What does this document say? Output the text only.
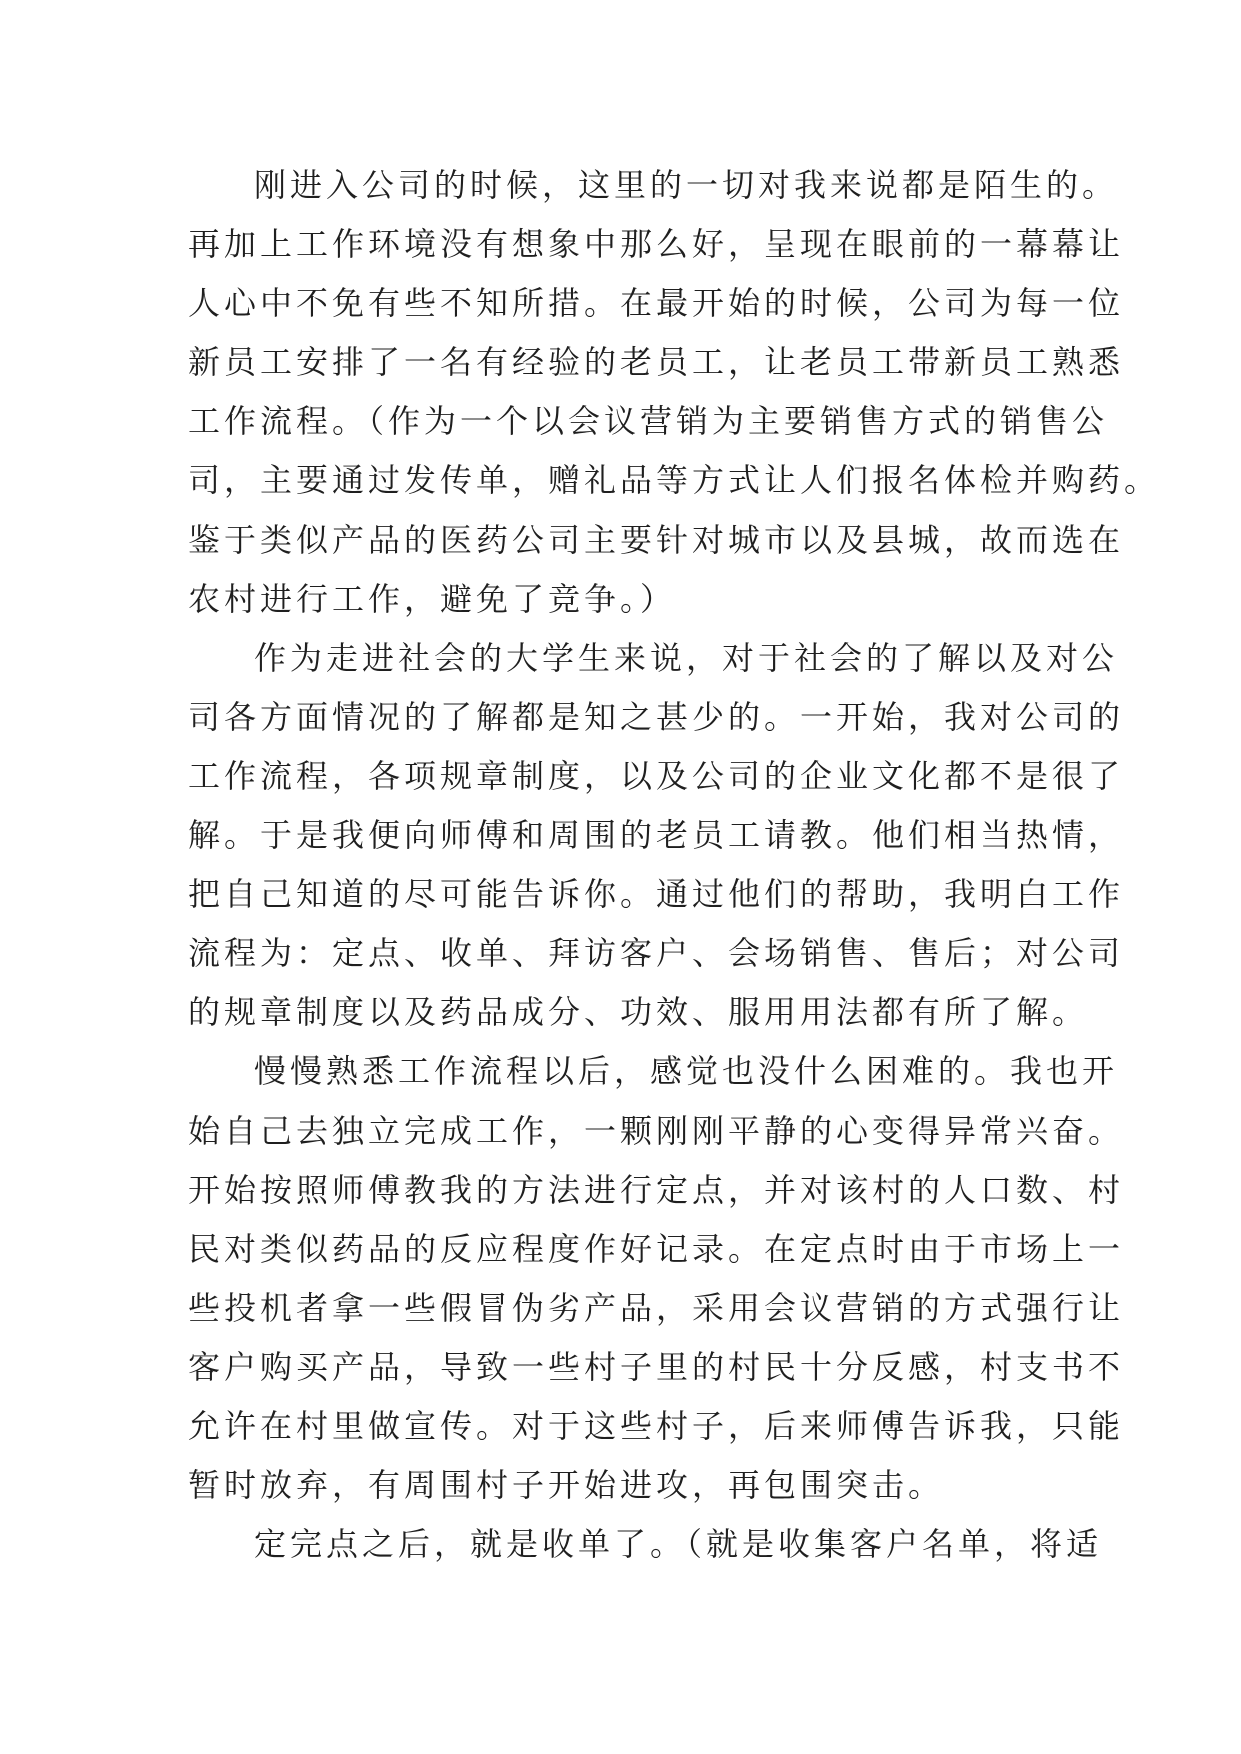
刚进入公司的时候，这里的一切对我来说都是陌生的。
再加上工作环境没有想象中那么好，呈现在眼前的一幕幕让
人心中不免有些不知所措。在最开始的时候，公司为每一位
新员工安排了一名有经验的老员工，让老员工带新员工熟悉
工作流程。（作为一个以会议营销为主要销售方式的销售公
司，主要通过发传单，赠礼品等方式让人们报名体检并购药。
鉴于类似产品的医药公司主要针对城市以及县城，故而选在
农村进行工作，避免了竞争。）
作为走进社会的大学生来说，对于社会的了解以及对公
司各方面情况的了解都是知之甚少的。一开始，我对公司的
工作流程，各项规章制度，以及公司的企业文化都不是很了
解。于是我便向师傅和周围的老员工请教。他们相当热情，
把自己知道的尽可能告诉你。通过他们的帮助，我明白工作
流程为：定点、收单、拜访客户、会场销售、售后；对公司
的规章制度以及药品成分、功效、服用用法都有所了解。
慢慢熟悉工作流程以后，感觉也没什么困难的。我也开
始自己去独立完成工作，一颗刚刚平静的心变得异常兴奋。
开始按照师傅教我的方法进行定点，并对该村的人口数、村
民对类似药品的反应程度作好记录。在定点时由于市场上一
些投机者拿一些假冒伪劣产品，采用会议营销的方式强行让
客户购买产品，导致一些村子里的村民十分反感，村支书不
允许在村里做宣传。对于这些村子，后来师傅告诉我，只能
暂时放弃，有周围村子开始进攻，再包围突击。
定完点之后，就是收单了。（就是收集客户名单，将适
